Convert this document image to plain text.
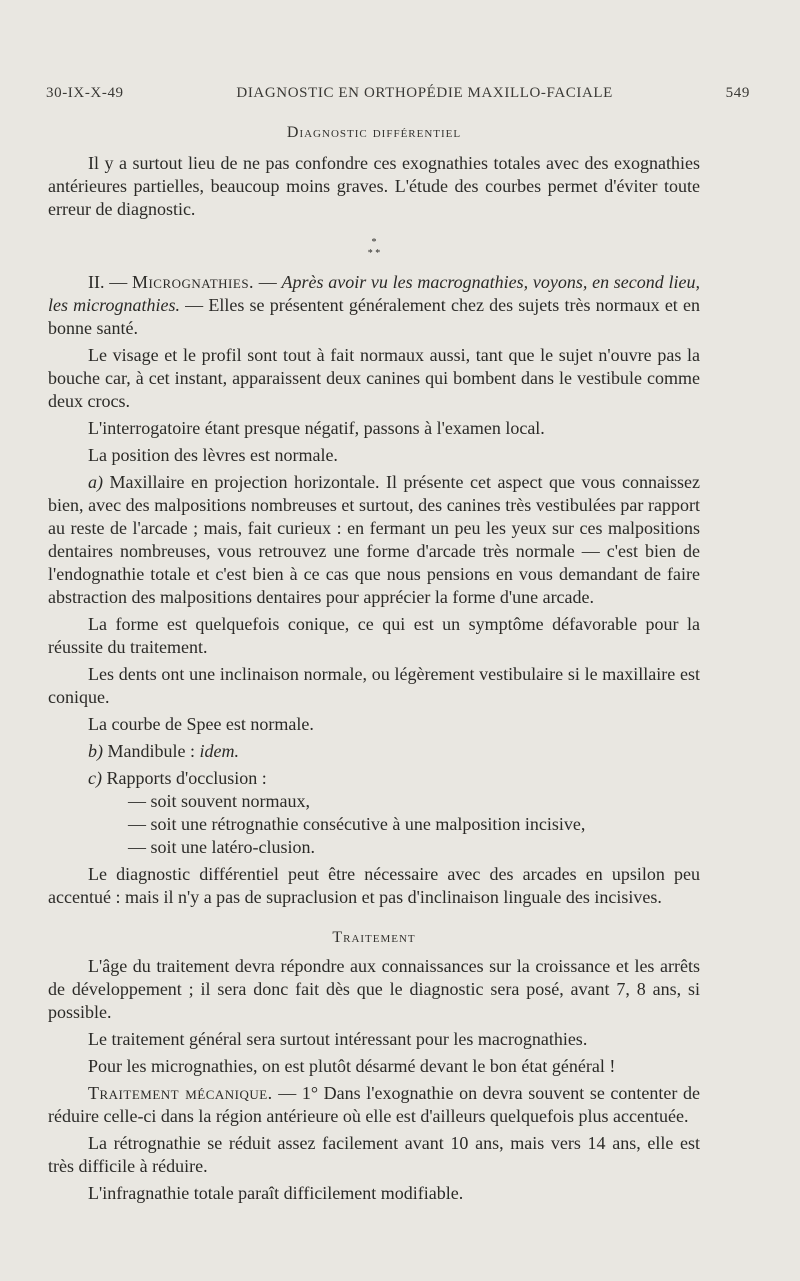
30-IX-X-49	DIAGNOSTIC EN ORTHOPÉDIE MAXILLO-FACIALE	549
Diagnostic différentiel

Il y a surtout lieu de ne pas confondre ces exognathies totales avec des exognathies antérieures partielles, beaucoup moins graves. L'étude des courbes permet d'éviter toute erreur de diagnostic.

*
* *

II. — Micrognathies. — Après avoir vu les macrognathies, voyons, en second lieu, les micrognathies. — Elles se présentent généralement chez des sujets très normaux et en bonne santé.

Le visage et le profil sont tout à fait normaux aussi, tant que le sujet n'ouvre pas la bouche car, à cet instant, apparaissent deux canines qui bombent dans le vestibule comme deux crocs.

L'interrogatoire étant presque négatif, passons à l'examen local.

La position des lèvres est normale.

a) Maxillaire en projection horizontale. Il présente cet aspect que vous connaissez bien, avec des malpositions nombreuses et surtout, des canines très vestibulées par rapport au reste de l'arcade ; mais, fait curieux : en fermant un peu les yeux sur ces malpositions dentaires nombreuses, vous retrouvez une forme d'arcade très normale — c'est bien de l'endognathie totale et c'est bien à ce cas que nous pensions en vous demandant de faire abstraction des malpositions dentaires pour apprécier la forme d'une arcade.

La forme est quelquefois conique, ce qui est un symptôme défavorable pour la réussite du traitement.

Les dents ont une inclinaison normale, ou légèrement vestibulaire si le maxillaire est conique.

La courbe de Spee est normale.

b) Mandibule : idem.

c) Rapports d'occlusion :

— soit souvent normaux,
— soit une rétrognathie consécutive à une malposition incisive,
— soit une latéro-clusion.

Le diagnostic différentiel peut être nécessaire avec des arcades en upsilon peu accentué : mais il n'y a pas de supraclusion et pas d'inclinaison linguale des incisives.

Traitement

L'âge du traitement devra répondre aux connaissances sur la croissance et les arrêts de développement ; il sera donc fait dès que le diagnostic sera posé, avant 7, 8 ans, si possible.

Le traitement général sera surtout intéressant pour les macrognathies.

Pour les micrognathies, on est plutôt désarmé devant le bon état général !

Traitement mécanique. — 1° Dans l'exognathie on devra souvent se contenter de réduire celle-ci dans la région antérieure où elle est d'ailleurs quelquefois plus accentuée.

La rétrognathie se réduit assez facilement avant 10 ans, mais vers 14 ans, elle est très difficile à réduire.

L'infragnathie totale paraît difficilement modifiable.
